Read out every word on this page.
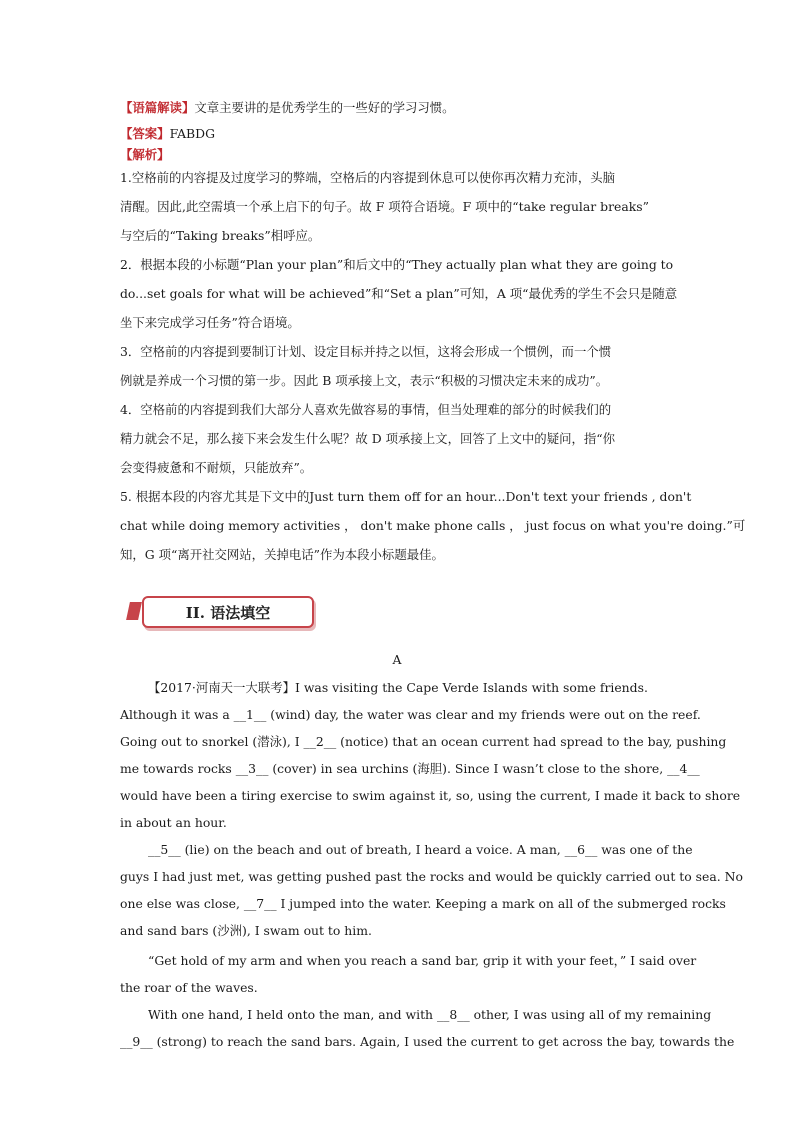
【语篇解读】文章主要讲的是优秀学生的一些好的学习习惯。
【答案】FABDG
【解析】
1.空格前的内容提及过度学习的弊端，空格后的内容提到休息可以使你再次精力充沛，头脑
清醒。因此,此空需填一个承上启下的句子。故 F 项符合语境。F 项中的“take regular breaks”
与空后的“Taking breaks”相呼应。
2．根据本段的小标题“Plan your plan”和后文中的“They actually plan what they are going to
do...set goals for what will be achieved”和“Set a plan”可知，A 项“最优秀的学生不会只是随意
坐下来完成学习任务”符合语境。
3．空格前的内容提到要制订计划、设定目标并持之以恒，这将会形成一个惯例，而一个惯
例就是养成一个习惯的第一步。因此 B 项承接上文，表示“积极的习惯决定未来的成功”。
4．空格前的内容提到我们大部分人喜欢先做容易的事情，但当处理难的部分的时候我们的
精力就会不足，那么接下来会发生什么呢？故 D 项承接上文，回答了上文中的疑问，指“你
会变得疲惫和不耐烦，只能放弃”。
5. 根据本段的内容尤其是下文中的Just turn them off for an hour...Don't text your friends , don't
chat while doing memory activities ， don't make phone calls ， just focus on what you're doing.”可
知，G 项“离开社交网站，关掉电话”作为本段小标题最佳。
II. 语法填空
A
【2017·河南天一大联考】I was visiting the Cape Verde Islands with some friends.
Although it was a __1__ (wind) day, the water was clear and my friends were out on the reef.
Going out to snorkel (潜泳), I __2__ (notice) that an ocean current had spread to the bay, pushing
me towards rocks __3__ (cover) in sea urchins (海胆). Since I wasn’t close to the shore, __4__
would have been a tiring exercise to swim against it, so, using the current, I made it back to shore
in about an hour.
__5__ (lie) on the beach and out of breath, I heard a voice. A man, __6__ was one of the
guys I had just met, was getting pushed past the rocks and would be quickly carried out to sea. No
one else was close, __7__ I jumped into the water. Keeping a mark on all of the submerged rocks
and sand bars (沙洲), I swam out to him.
“Get hold of my arm and when you reach a sand bar, grip it with your feet，” I said over
the roar of the waves.
With one hand, I held onto the man, and with __8__ other, I was using all of my remaining
__9__ (strong) to reach the sand bars. Again, I used the current to get across the bay, towards the
